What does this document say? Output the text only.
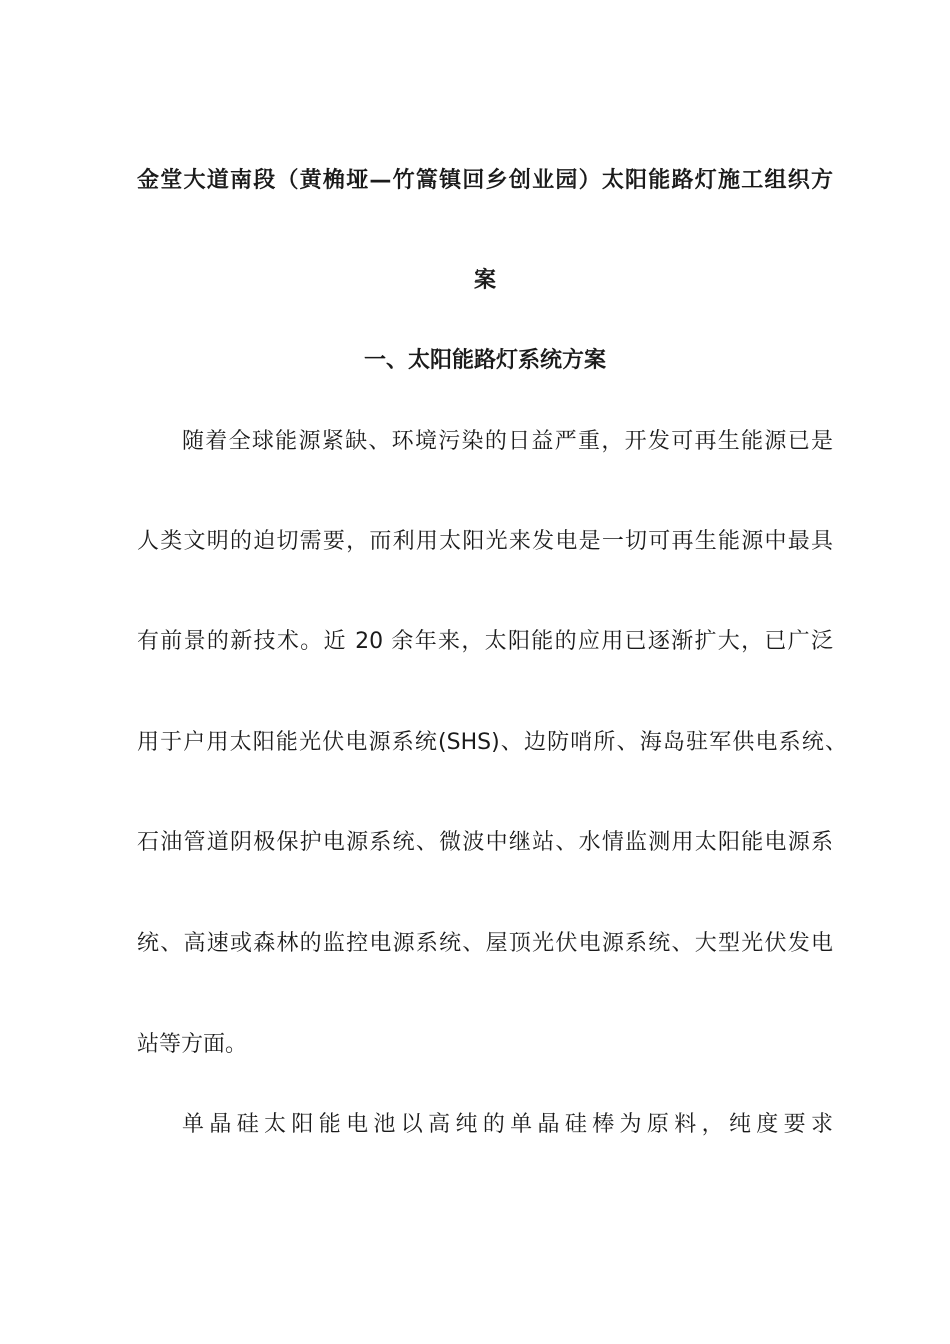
金堂大道南段（黄桷垭—竹篙镇回乡创业园）太阳能路灯施工组织方
案
一、太阳能路灯系统方案
随着全球能源紧缺、环境污染的日益严重，开发可再生能源已是
人类文明的迫切需要，而利用太阳光来发电是一切可再生能源中最具
有前景的新技术。近 20 余年来，太阳能的应用已逐渐扩大，已广泛
用于户用太阳能光伏电源系统(SHS)、边防哨所、海岛驻军供电系统、
石油管道阴极保护电源系统、微波中继站、水情监测用太阳能电源系
统、高速或森林的监控电源系统、屋顶光伏电源系统、大型光伏发电
站等方面。
单晶硅太阳能电池以高纯的单晶硅棒为原料，纯度要求
